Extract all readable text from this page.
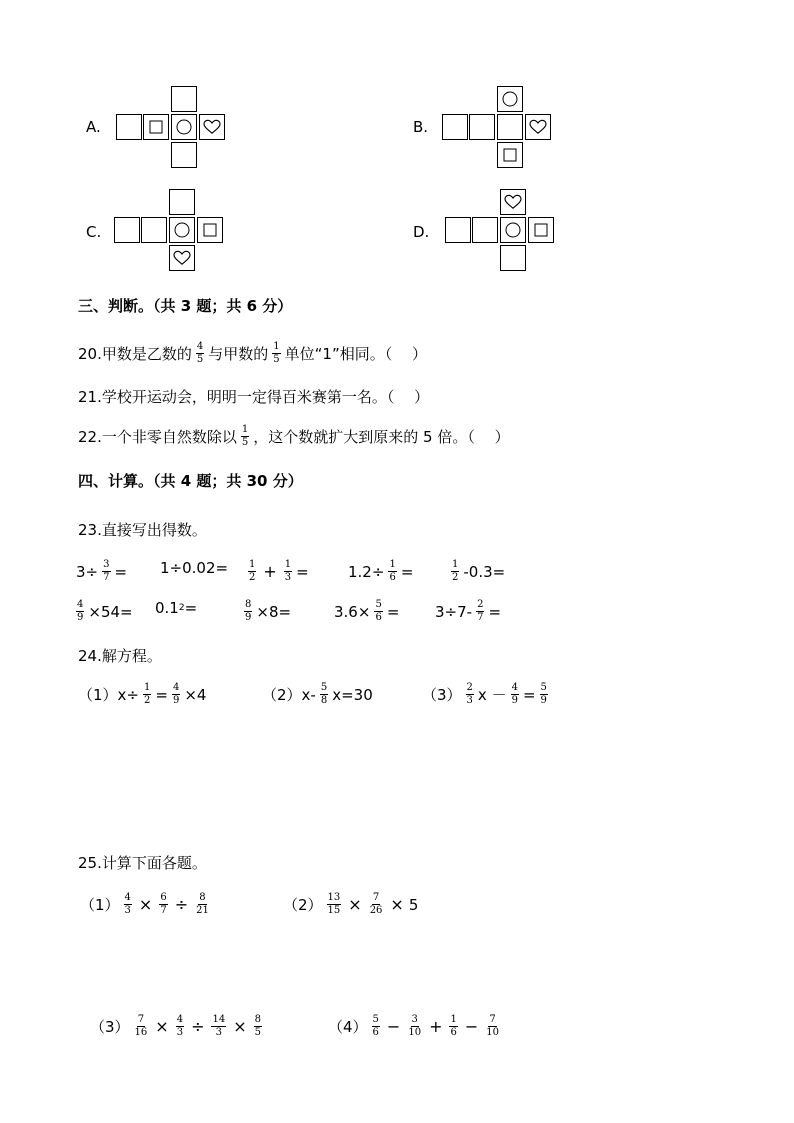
A.	B.
C.	D.
三、判断。（共 3 题；共 6 分）
20.甲数是乙数的 $\frac{4}{5}$ 与甲数的 $\frac{1}{5}$ 单位“1”相同。（　 ）
21.学校开运动会，明明一定得百米赛第一名。（　 ）
22.一个非零自然数除以 $\frac{1}{5}$ ，这个数就扩大到原来的 5 倍。（　 ）
四、计算。（共 4 题；共 30 分）
23.直接写出得数。
$3\div \frac{3}{7} = 1\div 0.02= \frac{1}{2} + \frac{1}{3}$ =	$1.2\div \frac{1}{6}$ =	$\frac{1}{2} -0.3=$
$\frac{4}{9} \times 54= 0.1$ 2 =	$\frac{8}{9} \times 8=$	$3.6\times \frac{5}{6} = 3\div 7- \frac{2}{7}$ =
24.解方程。
$(1)x\div \frac{1}{2} = \frac{4}{9} \times 4$	$(2)x- \frac{5}{8} x=30$	$(3) \frac{2}{3}$ $x - \frac{4}{9} = \frac{5}{9}$
25.计算下面各题。
$(1) \frac{4}{3} \times \frac{6}{7} \div \frac{8}{21}$	$(2) \frac{13}{15} \times \frac{7}{26} \times 5$
$(3) \frac{7}{16} \times \frac{4}{3} \div \frac{14}{3} \times \frac{8}{5}$	$(4) \frac{5}{6} - \frac{3}{10} + \frac{1}{6} - \frac{7}{10}$
